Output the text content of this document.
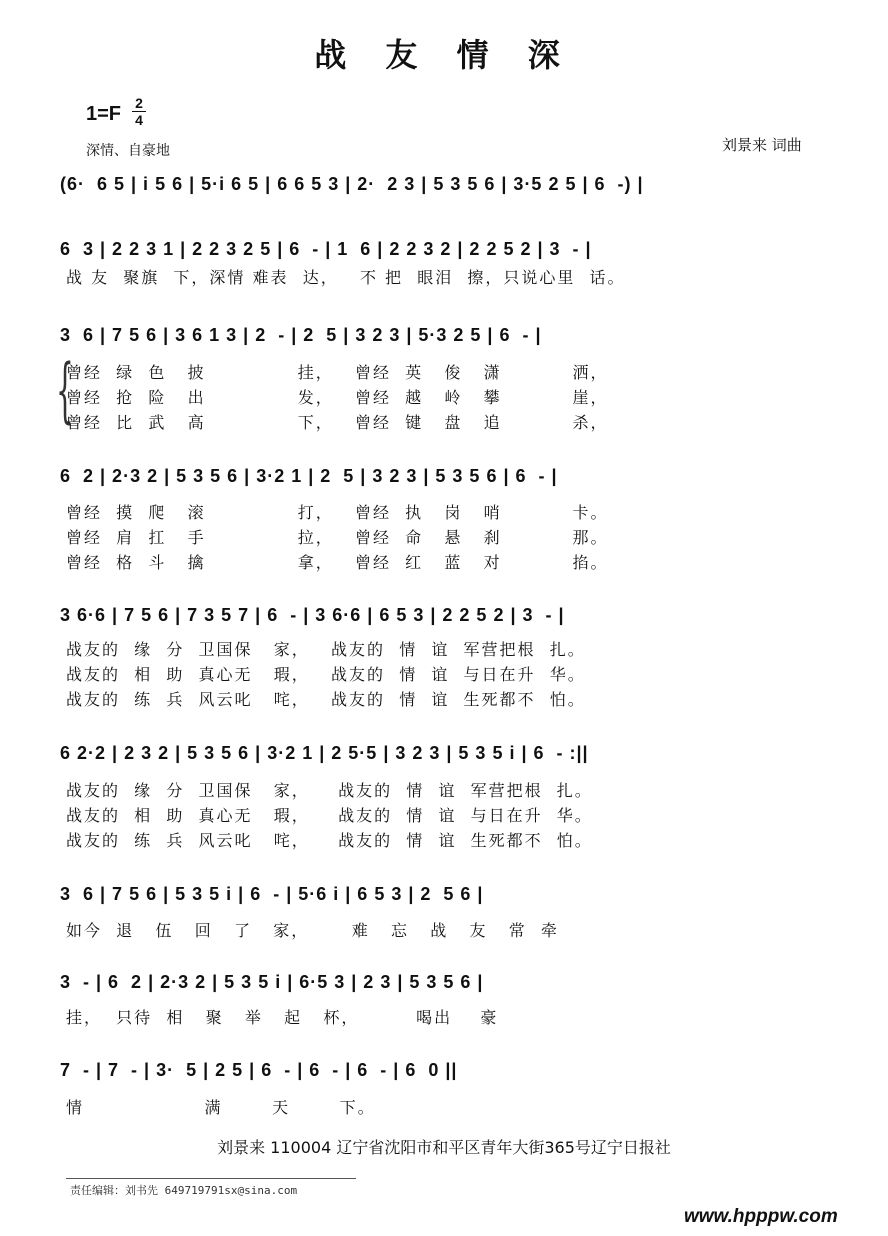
战 友 情 深
1=F 2
4
深情、自豪地	刘景来 词曲
(6·  6 5 | i 5 6 | 5·i 6 5 | 6 6 5 3 | 2·  2 3 | 5 3 5 6 | 3·5 2 5 | 6  -) |
6  3 | 2 2 3 1 | 2 2 3 2 5 | 6  - | 1  6 | 2 2 3 2 | 2 2 5 2 | 3  - |
战 友  聚旗  下，深情 难表  达，   不 把  眼泪  擦，只说心里  话。
3  6 | 7 5 6 | 3 6 1 3 | 2  - | 2  5 | 3 2 3 | 5·3 2 5 | 6  - |
{
曾经  绿  色   披             挂，   曾经  英   俊   潇          洒，
曾经  抢  险   出             发，   曾经  越   岭   攀          崖，
曾经  比  武   高             下，   曾经  键   盘   追          杀，
6  2 | 2·3 2 | 5 3 5 6 | 3·2 1 | 2  5 | 3 2 3 | 5 3 5 6 | 6  - |
曾经  摸  爬   滚             打，   曾经  执   岗   哨          卡。
曾经  肩  扛   手             拉，   曾经  命   悬   刹          那。
曾经  格  斗   擒             拿，   曾经  红   蓝   对          掐。
3 6·6 | 7 5 6 | 7 3 5 7 | 6  - | 3 6·6 | 6 5 3 | 2 2 5 2 | 3  - |
战友的  缘  分  卫国保   家，   战友的  情  谊  军营把根  扎。
战友的  相  助  真心无   瑕，   战友的  情  谊  与日在升  华。
战友的  练  兵  风云叱   咤，   战友的  情  谊  生死都不  怕。
6 2·2 | 2 3 2 | 5 3 5 6 | 3·2 1 | 2 5·5 | 3 2 3 | 5 3 5 i | 6  - :||
战友的  缘  分  卫国保   家，    战友的  情  谊  军营把根  扎。
战友的  相  助  真心无   瑕，    战友的  情  谊  与日在升  华。
战友的  练  兵  风云叱   咤，    战友的  情  谊  生死都不  怕。
3  6 | 7 5 6 | 5 3 5 i | 6  - | 5·6 i | 6 5 3 | 2  5 6 |
如今  退   伍   回   了   家，      难   忘   战   友   常  牵
3  - | 6  2 | 2·3 2 | 5 3 5 i | 6·5 3 | 2 3 | 5 3 5 6 |
挂，  只待  相   聚   举   起   杯，        喝出    豪
7  - | 7  - | 3·  5 | 2 5 | 6  - | 6  - | 6  - | 6  0 ||
情                 满       天       下。
刘景来 110004 辽宁省沈阳市和平区青年大街365号辽宁日报社
责任编辑：刘书先 649719791sx@sina.com
www.hpppw.com
